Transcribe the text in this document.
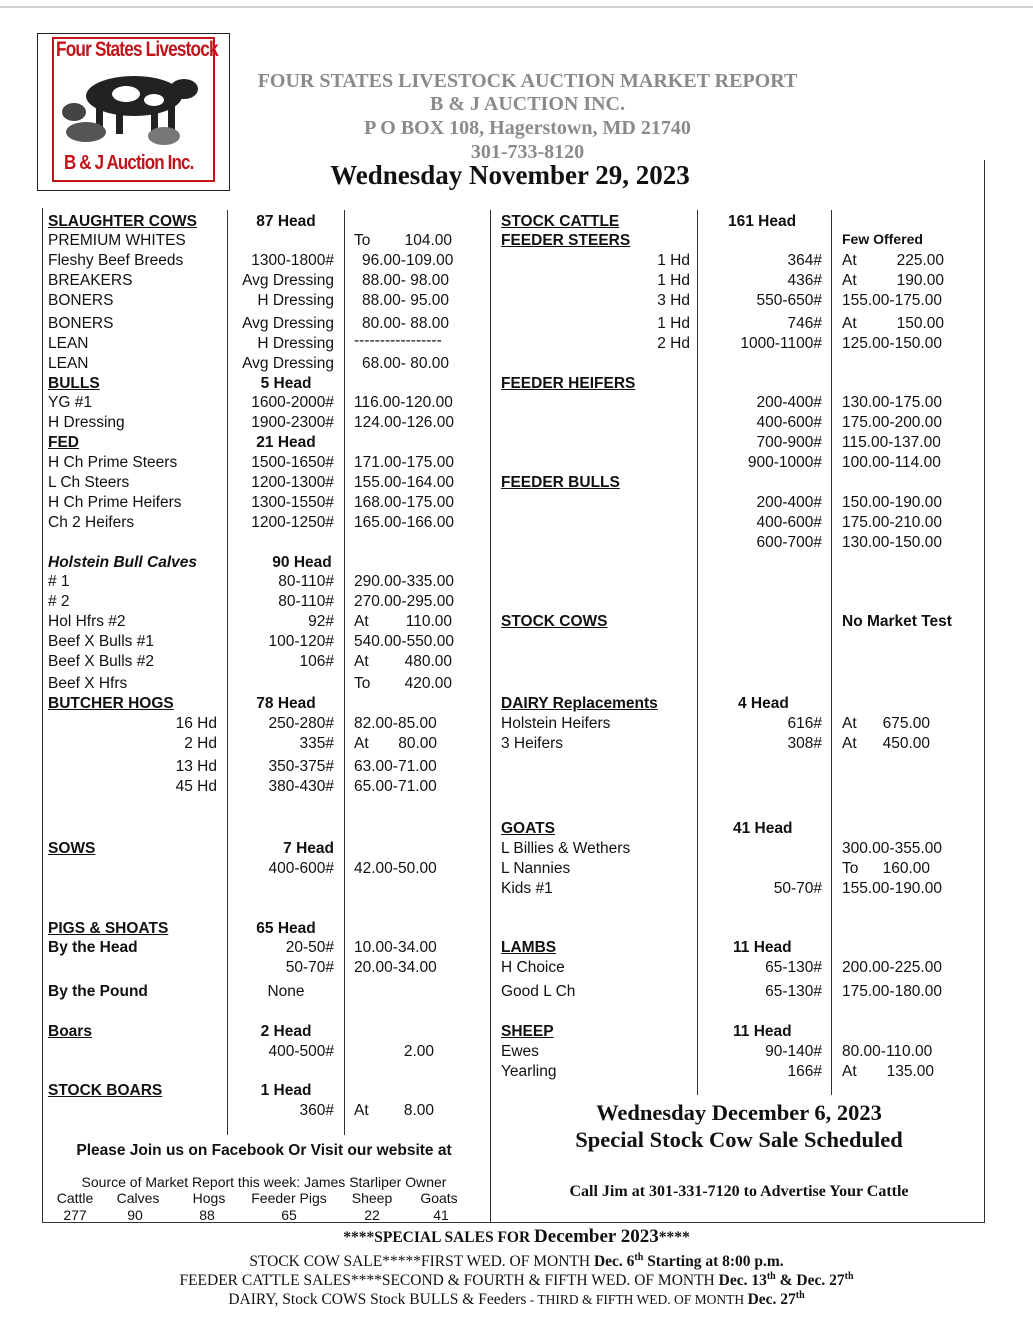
Four States Livestock
B & J Auction Inc.
FOUR STATES LIVESTOCK AUCTION MARKET REPORT
B & J AUCTION INC.
P O BOX 108, Hagerstown, MD 21740
301-733-8120
Wednesday November 29, 2023
SLAUGHTER COWS	87 Head
PREMIUM WHITES	To	104.00
Fleshy Beef Breeds	1300-1800# 96.00-109.00
BREAKERS	Avg Dressing 88.00- 98.00
BONERS	H Dressing 88.00- 95.00
BONERS	Avg Dressing 80.00- 88.00
LEAN	H Dressing -----------------
LEAN	Avg Dressing 68.00- 80.00
BULLS	5 Head
YG #1	1600-2000# 116.00-120.00
H Dressing	1900-2300# 124.00-126.00
FED	21 Head
H Ch Prime Steers	1500-1650# 171.00-175.00
L Ch Steers	1200-1300# 155.00-164.00
H Ch Prime Heifers	1300-1550# 168.00-175.00
Ch 2 Heifers	1200-1250# 165.00-166.00
Holstein Bull Calves	90 Head
# 1	80-110# 290.00-335.00
# 2	80-110# 270.00-295.00
Hol Hfrs #2	92# At	110.00
Beef X Bulls #1	100-120# 540.00-550.00
Beef X Bulls #2	106# At	480.00
Beef X Hfrs	To	420.00
BUTCHER HOGS	78 Head
16 Hd	250-280# 82.00-85.00
2 Hd	335# At	80.00
13 Hd	350-375# 63.00-71.00
45 Hd	380-430# 65.00-71.00
SOWS	7 Head
400-600# 42.00-50.00
PIGS & SHOATS	65 Head
By the Head	20-50# 10.00-34.00
50-70# 20.00-34.00
By the Pound	None
Boars	2 Head
400-500#	2.00
STOCK BOARS	1 Head
360# At	8.00
STOCK CATTLE	161 Head
FEEDER STEERS	Few Offered
1 Hd	364# At	225.00
1 Hd	436# At	190.00
3 Hd	550-650# 155.00-175.00
1 Hd	746# At	150.00
2 Hd	1000-1100# 125.00-150.00
FEEDER HEIFERS
200-400# 130.00-175.00
400-600# 175.00-200.00
700-900# 115.00-137.00
900-1000# 100.00-114.00
FEEDER BULLS
200-400# 150.00-190.00
400-600# 175.00-210.00
600-700# 130.00-150.00
STOCK COWS	No Market Test
DAIRY Replacements	4 Head
Holstein Heifers	616# At	675.00
3 Heifers	308# At	450.00
GOATS	41 Head
L Billies & Wethers	300.00-355.00
L Nannies	To	160.00
Kids #1	50-70# 155.00-190.00
LAMBS	11 Head
H Choice	65-130# 200.00-225.00
Good L Ch	65-130# 175.00-180.00
SHEEP	11 Head
Ewes	90-140# 80.00-110.00
Yearling	166# At	135.00
Please Join us on Facebook Or Visit our website at
Source of Market Report this week: James Starliper Owner
Cattle	Calves	Hogs	Feeder Pigs	Sheep	Goats
277	90	88	65	22	41
Wednesday December 6, 2023
Special Stock Cow Sale Scheduled
Call Jim at 301-331-7120 to Advertise Your Cattle
****SPECIAL SALES FOR December 2023****
STOCK COW SALE*****FIRST WED. OF MONTH Dec. 6th Starting at 8:00 p.m.
FEEDER CATTLE SALES****SECOND & FOURTH & FIFTH WED. OF MONTH Dec. 13th & Dec. 27th
DAIRY, Stock COWS Stock BULLS & Feeders - THIRD & FIFTH WED. OF MONTH Dec. 27th
